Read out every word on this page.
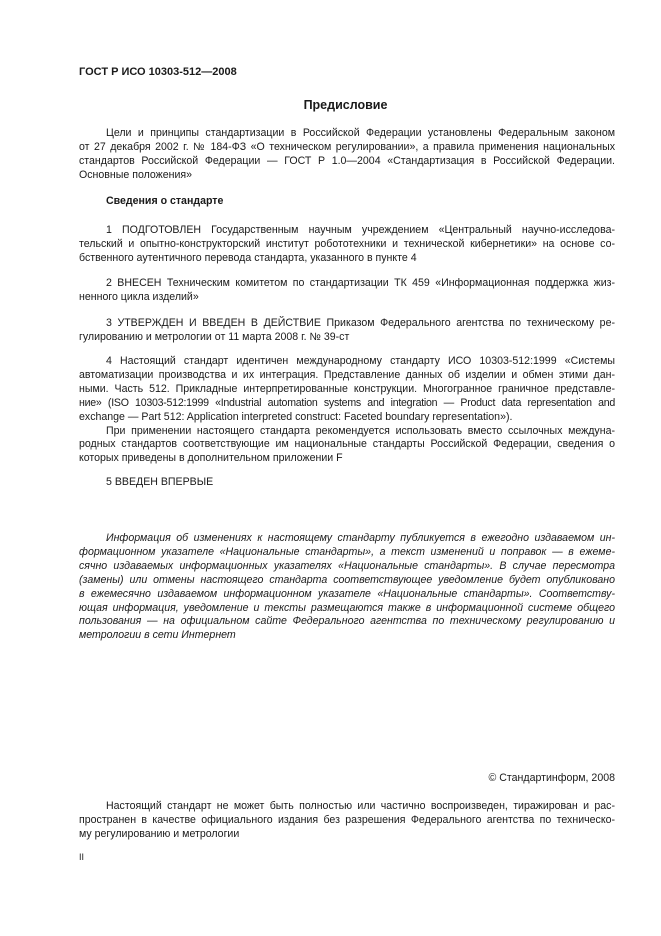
ГОСТ Р ИСО 10303-512—2008
Предисловие
Цели и принципы стандартизации в Российской Федерации установлены Федеральным законом
от 27 декабря 2002 г. № 184-ФЗ «О техническом регулировании», а правила применения национальных
стандартов Российской Федерации — ГОСТ Р 1.0—2004 «Стандартизация в Российской Федерации.
Основные положения»
Сведения о стандарте
1 ПОДГОТОВЛЕН Государственным научным учреждением «Центральный научно-исследова-
тельский и опытно-конструкторский институт робототехники и технической кибернетики» на основе со-
бственного аутентичного перевода стандарта, указанного в пункте 4
2 ВНЕСЕН Техническим комитетом по стандартизации ТК 459 «Информационная поддержка жиз-
ненного цикла изделий»
3 УТВЕРЖДЕН И ВВЕДЕН В ДЕЙСТВИЕ Приказом Федерального агентства по техническому ре-
гулированию и метрологии от 11 марта 2008 г. № 39-ст
4 Настоящий стандарт идентичен международному стандарту ИСО 10303-512:1999 «Системы
автоматизации производства и их интеграция. Представление данных об изделии и обмен этими дан-
ными. Часть 512. Прикладные интерпретированные конструкции. Многогранное граничное представле-
ние» (ISO 10303-512:1999 «Industrial automation systems and integration — Product data representation and
exchange — Part 512: Application interpreted construct: Faceted boundary representation»).
При применении настоящего стандарта рекомендуется использовать вместо ссылочных междуна-
родных стандартов соответствующие им национальные стандарты Российской Федерации, сведения о
которых приведены в дополнительном приложении F
5 ВВЕДЕН ВПЕРВЫЕ
Информация об изменениях к настоящему стандарту публикуется в ежегодно издаваемом ин-
формационном указателе «Национальные стандарты», а текст изменений и поправок — в ежеме-
сячно издаваемых информационных указателях «Национальные стандарты». В случае пересмотра
(замены) или отмены настоящего стандарта соответствующее уведомление будет опубликовано
в ежемесячно издаваемом информационном указателе «Национальные стандарты». Соответству-
ющая информация, уведомление и тексты размещаются также в информационной системе общего
пользования — на официальном сайте Федерального агентства по техническому регулированию и
метрологии в сети Интернет
© Стандартинформ, 2008
Настоящий стандарт не может быть полностью или частично воспроизведен, тиражирован и рас-
пространен в качестве официального издания без разрешения Федерального агентства по техническо-
му регулированию и метрологии
II
